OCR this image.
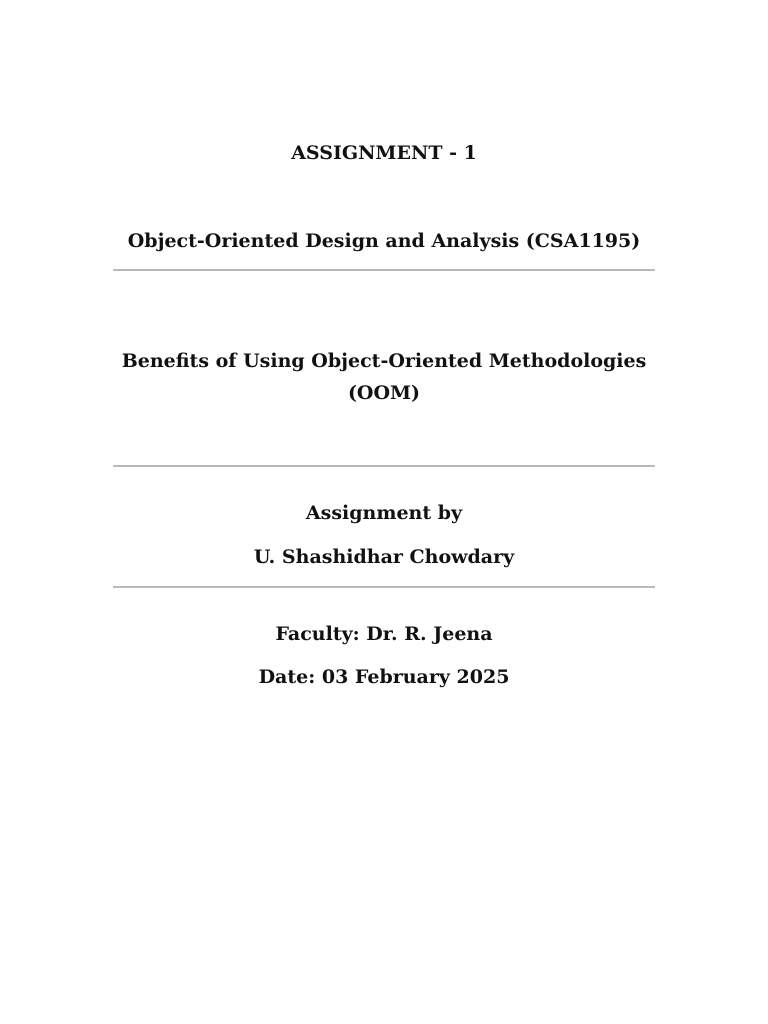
ASSIGNMENT - 1
Object-Oriented Design and Analysis (CSA1195)
Benefits of Using Object-Oriented Methodologies
(OOM)
Assignment by
U. Shashidhar Chowdary
Faculty: Dr. R. Jeena
Date: 03 February 2025
